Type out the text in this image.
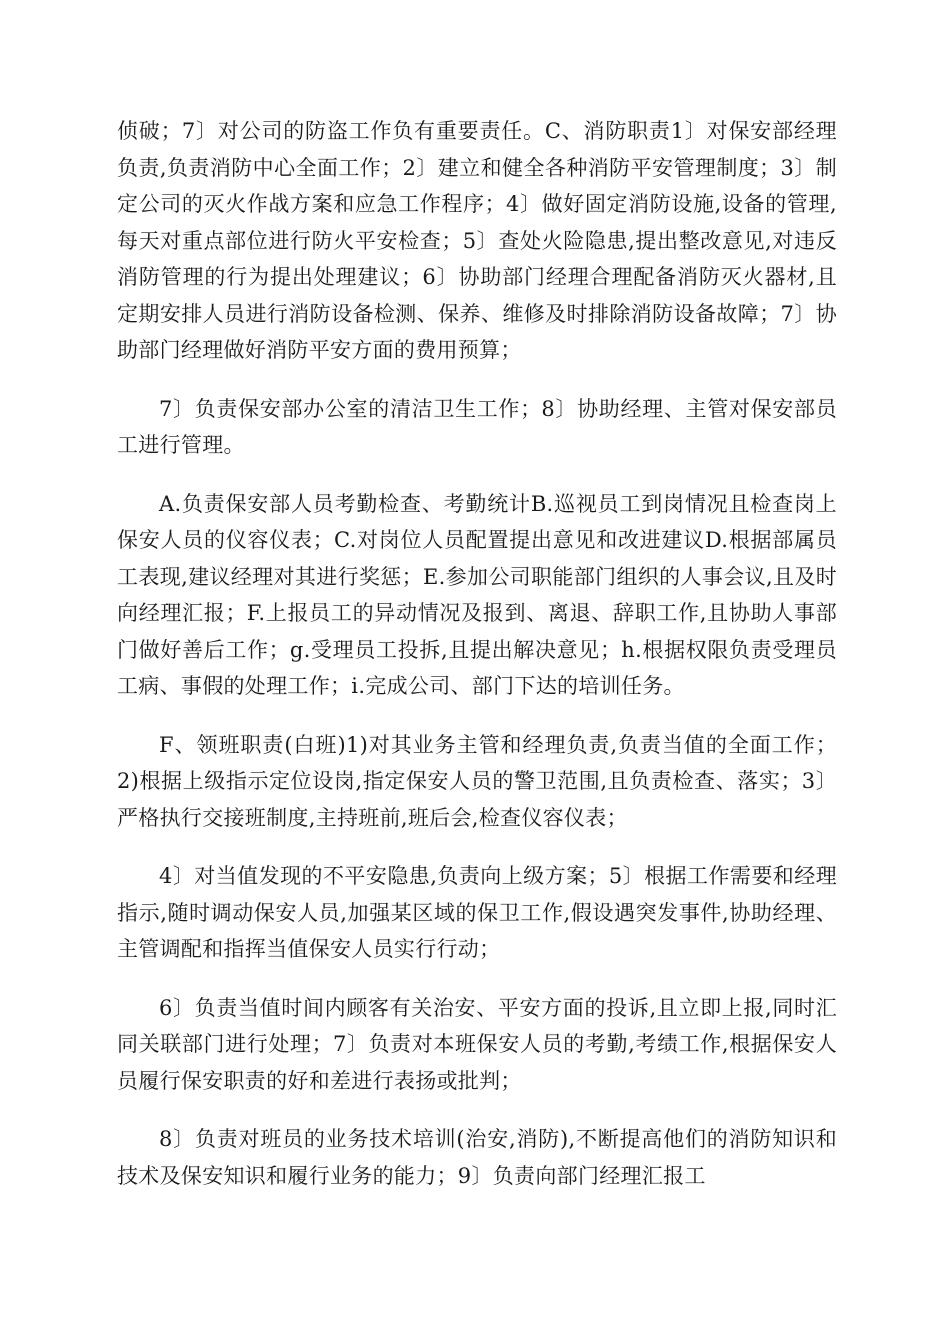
侦破；7〕对公司的防盗工作负有重要责任。C、消防职责1〕对保安部经理负责,负责消防中心全面工作；2〕建立和健全各种消防平安管理制度；3〕制定公司的灭火作战方案和应急工作程序；4〕做好固定消防设施,设备的管理,每天对重点部位进行防火平安检查；5〕查处火险隐患,提出整改意见,对违反消防管理的行为提出处理建议；6〕协助部门经理合理配备消防灭火器材,且定期安排人员进行消防设备检测、保养、维修及时排除消防设备故障；7〕协助部门经理做好消防平安方面的费用预算；

7〕负责保安部办公室的清洁卫生工作；8〕协助经理、主管对保安部员工进行管理。

A.负责保安部人员考勤检查、考勤统计B.巡视员工到岗情况且检查岗上保安人员的仪容仪表；C.对岗位人员配置提出意见和改进建议D.根据部属员工表现,建议经理对其进行奖惩；E.参加公司职能部门组织的人事会议,且及时向经理汇报；F.上报员工的异动情况及报到、离退、辞职工作,且协助人事部门做好善后工作；g.受理员工投拆,且提出解决意见；h.根据权限负责受理员工病、事假的处理工作；i.完成公司、部门下达的培训任务。

F、领班职责(白班)1)对其业务主管和经理负责,负责当值的全面工作；2)根据上级指示定位设岗,指定保安人员的警卫范围,且负责检查、落实；3〕严格执行交接班制度,主持班前,班后会,检查仪容仪表；

4〕对当值发现的不平安隐患,负责向上级方案；5〕根据工作需要和经理指示,随时调动保安人员,加强某区域的保卫工作,假设遇突发事件,协助经理、主管调配和指挥当值保安人员实行行动；

6〕负责当值时间内顾客有关治安、平安方面的投诉,且立即上报,同时汇同关联部门进行处理；7〕负责对本班保安人员的考勤,考绩工作,根据保安人员履行保安职责的好和差进行表扬或批判；

8〕负责对班员的业务技术培训(治安,消防),不断提高他们的消防知识和技术及保安知识和履行业务的能力；9〕负责向部门经理汇报工
